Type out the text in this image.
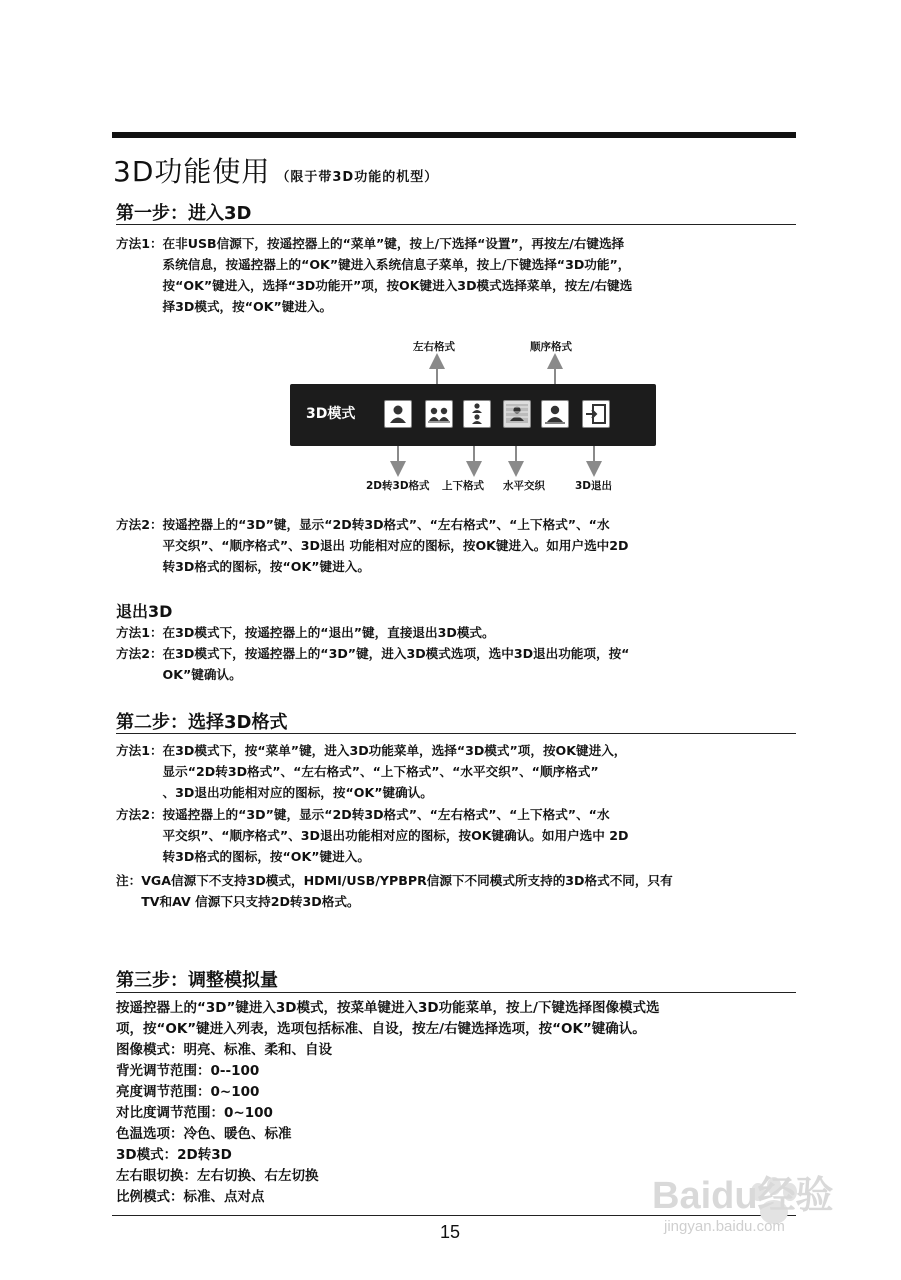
3D功能使用 （限于带3D功能的机型）
第一步：进入3D
方法1： 在非USB信源下，按遥控器上的“菜单”键，按上/下选择“设置”，再按左/右键选择
系统信息，按遥控器上的“OK”键进入系统信息子菜单，按上/下键选择“3D功能”，
按“OK”键进入，选择“3D功能开”项，按OK键进入3D模式选择菜单，按左/右键选
择3D模式，按“OK”键进入。
左右格式	顺序格式
3D模式
2D转3D格式 上下格式 水平交织	3D退出
方法2： 按遥控器上的“3D”键，显示“2D转3D格式”、“左右格式”、“上下格式”、“水
平交织”、“顺序格式”、3D退出 功能相对应的图标，按OK键进入。如用户选中2D
转3D格式的图标，按“OK”键进入。
退出3D
方法1： 在3D模式下，按遥控器上的“退出”键，直接退出3D模式。
方法2： 在3D模式下，按遥控器上的“3D”键，进入3D模式选项，选中3D退出功能项，按“
OK”键确认。
第二步：选择3D格式
方法1： 在3D模式下，按“菜单”键，进入3D功能菜单，选择“3D模式”项，按OK键进入，
显示“2D转3D格式”、“左右格式”、“上下格式”、“水平交织”、“顺序格式”
、3D退出功能相对应的图标，按“OK”键确认。
方法2： 按遥控器上的“3D”键，显示“2D转3D格式”、“左右格式”、“上下格式”、“水
平交织”、“顺序格式”、3D退出功能相对应的图标，按OK键确认。如用户选中 2D
转3D格式的图标，按“OK”键进入。
注： VGA信源下不支持3D模式，HDMI/USB/YPBPR信源下不同模式所支持的3D格式不同，只有
TV和AV 信源下只支持2D转3D格式。
第三步：调整模拟量
按遥控器上的“3D”键进入3D模式，按菜单键进入3D功能菜单，按上/下键选择图像模式选
项，按“OK”键进入列表，选项包括标准、自设，按左/右键选择选项，按“OK”键确认。
图像模式：明亮、标准、柔和、自设
背光调节范围：0--100
亮度调节范围：0~100
对比度调节范围：0~100
色温选项：冷色、暖色、标准
3D模式：2D转3D
左右眼切换：左右切换、右左切换
比例模式：标准、点对点
15
Baidu经验
jingyan.baidu.com
